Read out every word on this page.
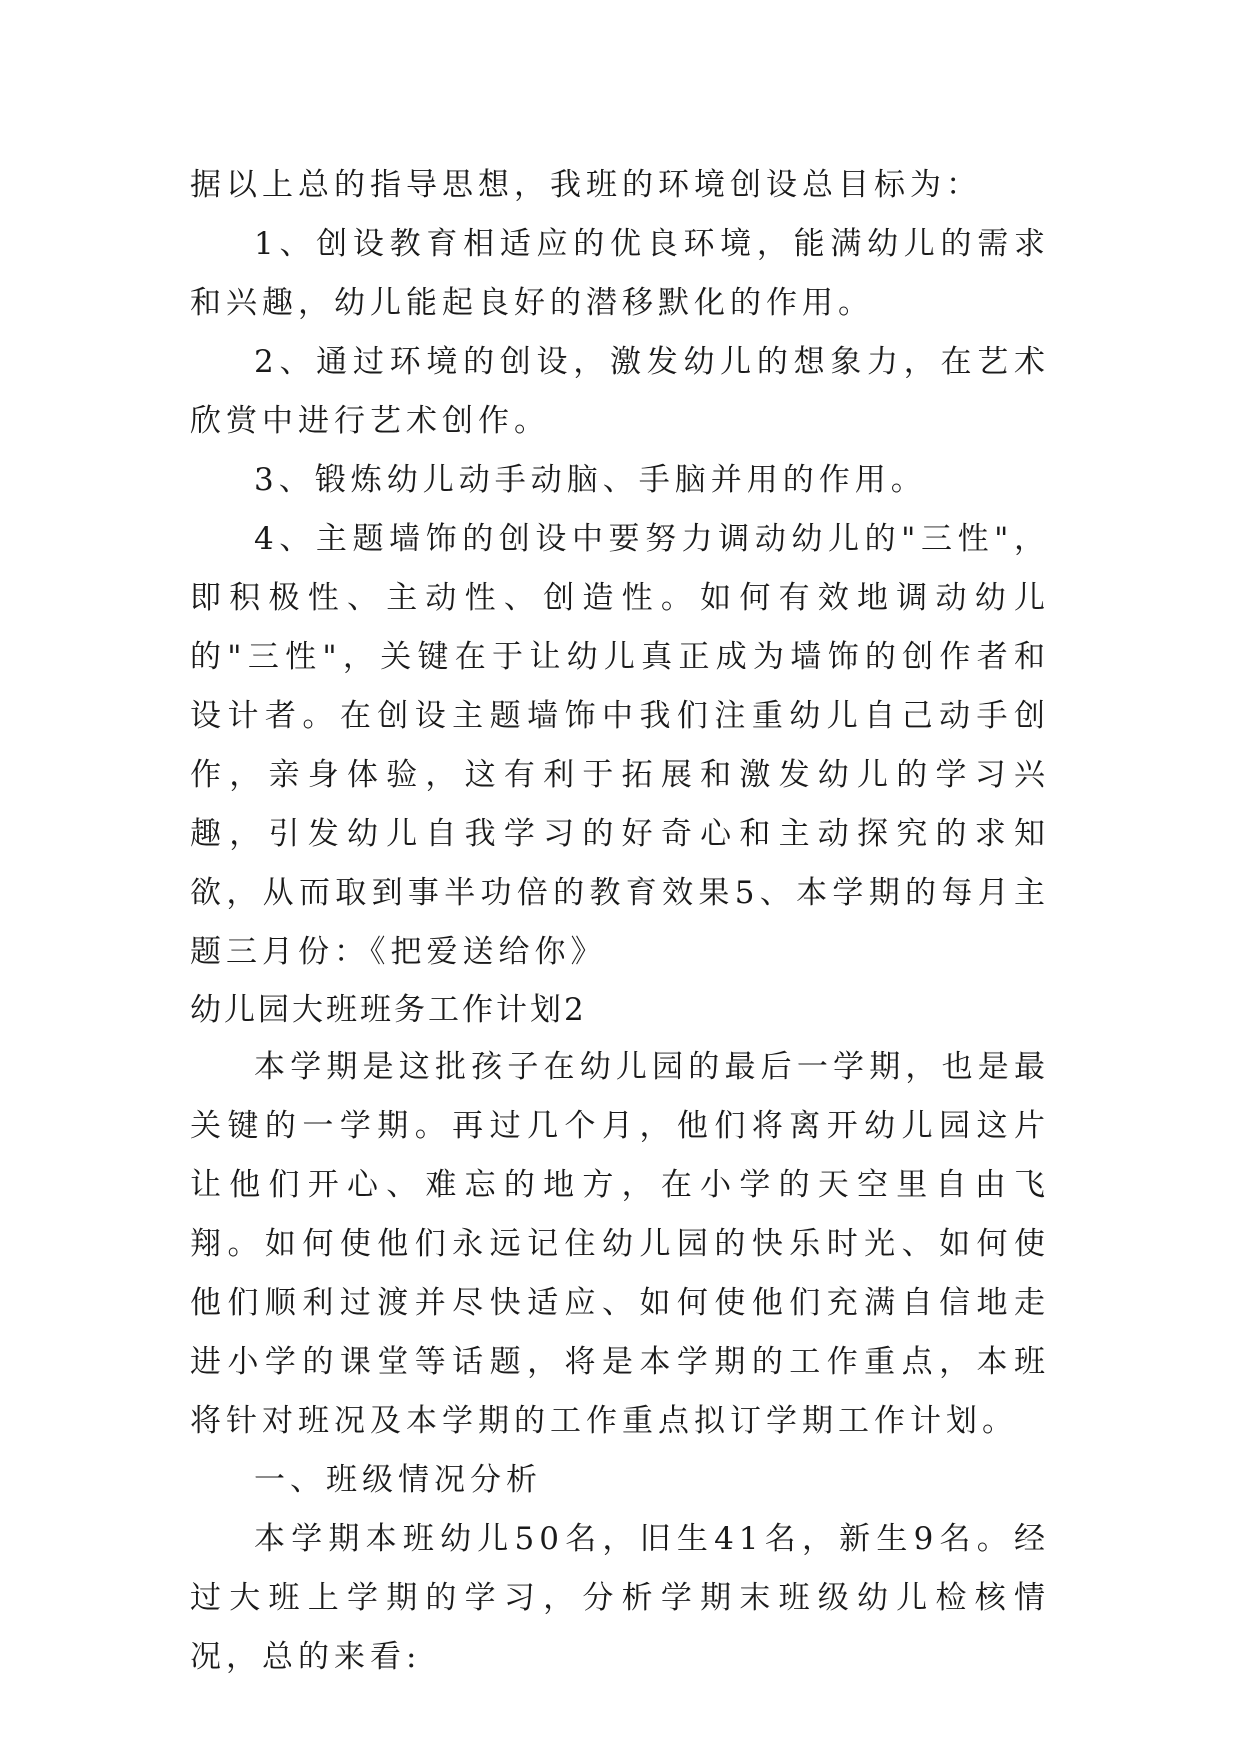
据以上总的指导思想，我班的环境创设总目标为：

1、创设教育相适应的优良环境，能满幼儿的需求和兴趣，幼儿能起良好的潜移默化的作用。

2、通过环境的创设，激发幼儿的想象力，在艺术欣赏中进行艺术创作。

3、锻炼幼儿动手动脑、手脑并用的作用。

4、主题墙饰的创设中要努力调动幼儿的"三性"，即积极性、主动性、创造性。如何有效地调动幼儿的"三性"，关键在于让幼儿真正成为墙饰的创作者和设计者。在创设主题墙饰中我们注重幼儿自己动手创作，亲身体验，这有利于拓展和激发幼儿的学习兴趣，引发幼儿自我学习的好奇心和主动探究的求知欲，从而取到事半功倍的教育效果5、本学期的每月主题三月份：《把爱送给你》

幼儿园大班班务工作计划2

本学期是这批孩子在幼儿园的最后一学期，也是最关键的一学期。再过几个月，他们将离开幼儿园这片让他们开心、难忘的地方，在小学的天空里自由飞翔。如何使他们永远记住幼儿园的快乐时光、如何使他们顺利过渡并尽快适应、如何使他们充满自信地走进小学的课堂等话题，将是本学期的工作重点，本班将针对班况及本学期的工作重点拟订学期工作计划。

一、班级情况分析

本学期本班幼儿50名，旧生41名，新生9名。经过大班上学期的学习，分析学期末班级幼儿检核情况，总的来看:
